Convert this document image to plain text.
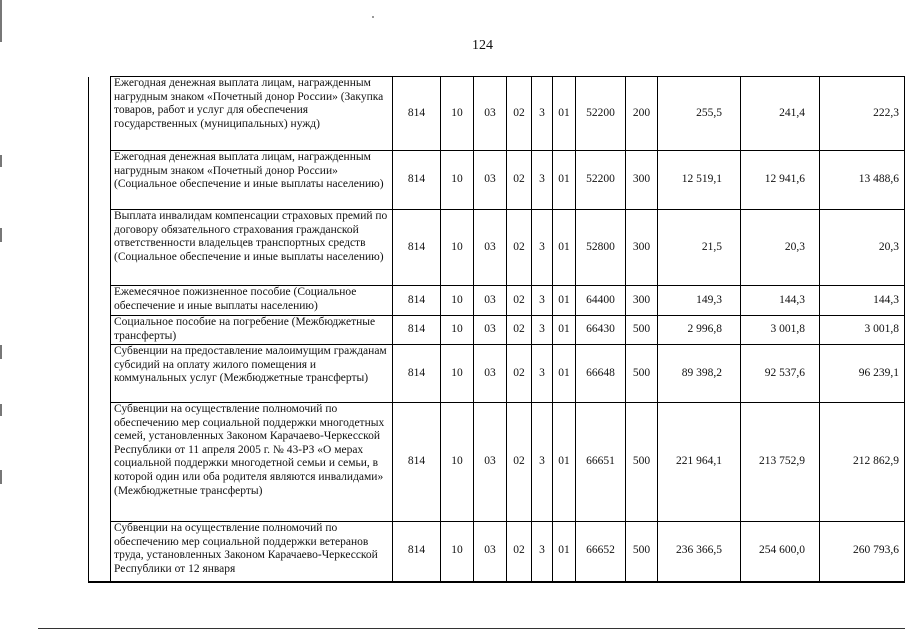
124
	Ежегодная денежная выплата лицам, награжденным нагрудным знаком «Почетный донор России» (Закупка товаров, работ и услуг для обеспечения государственных (муниципальных) нужд)	814	10	03	02	3	01	52200	200	255,5	241,4	222,3
	Ежегодная денежная выплата лицам, награжденным нагрудным знаком «Почетный донор России» (Социальное обеспечение и иные выплаты населению)	814	10	03	02	3	01	52200	300	12 519,1	12 941,6	13 488,6
	Выплата инвалидам компенсации страховых премий по договору обязательного страхования гражданской ответственности владельцев транспортных средств (Социальное обеспечение и иные выплаты населению)	814	10	03	02	3	01	52800	300	21,5	20,3	20,3
	Ежемесячное пожизненное пособие (Социальное обеспечение и иные выплаты населению)	814	10	03	02	3	01	64400	300	149,3	144,3	144,3
	Социальное пособие на погребение (Межбюджетные трансферты)	814	10	03	02	3	01	66430	500	2 996,8	3 001,8	3 001,8
	Субвенции на предоставление малоимущим гражданам субсидий на оплату жилого помещения и коммунальных услуг (Межбюджетные трансферты)	814	10	03	02	3	01	66648	500	89 398,2	92 537,6	96 239,1
	Субвенции на осуществление полномочий по обеспечению мер социальной поддержки многодетных семей, установленных Законом Карачаево-Черкесской Республики от 11 апреля 2005 г. № 43-РЗ «О мерах социальной поддержки многодетной семьи и семьи, в которой один или оба родителя являются инвалидами» (Межбюджетные трансферты)	814	10	03	02	3	01	66651	500	221 964,1	213 752,9	212 862,9
	Субвенции на осуществление полномочий по обеспечению мер социальной поддержки ветеранов труда, установленных Законом Карачаево-Черкесской Республики от 12 января	814	10	03	02	3	01	66652	500	236 366,5	254 600,0	260 793,6
